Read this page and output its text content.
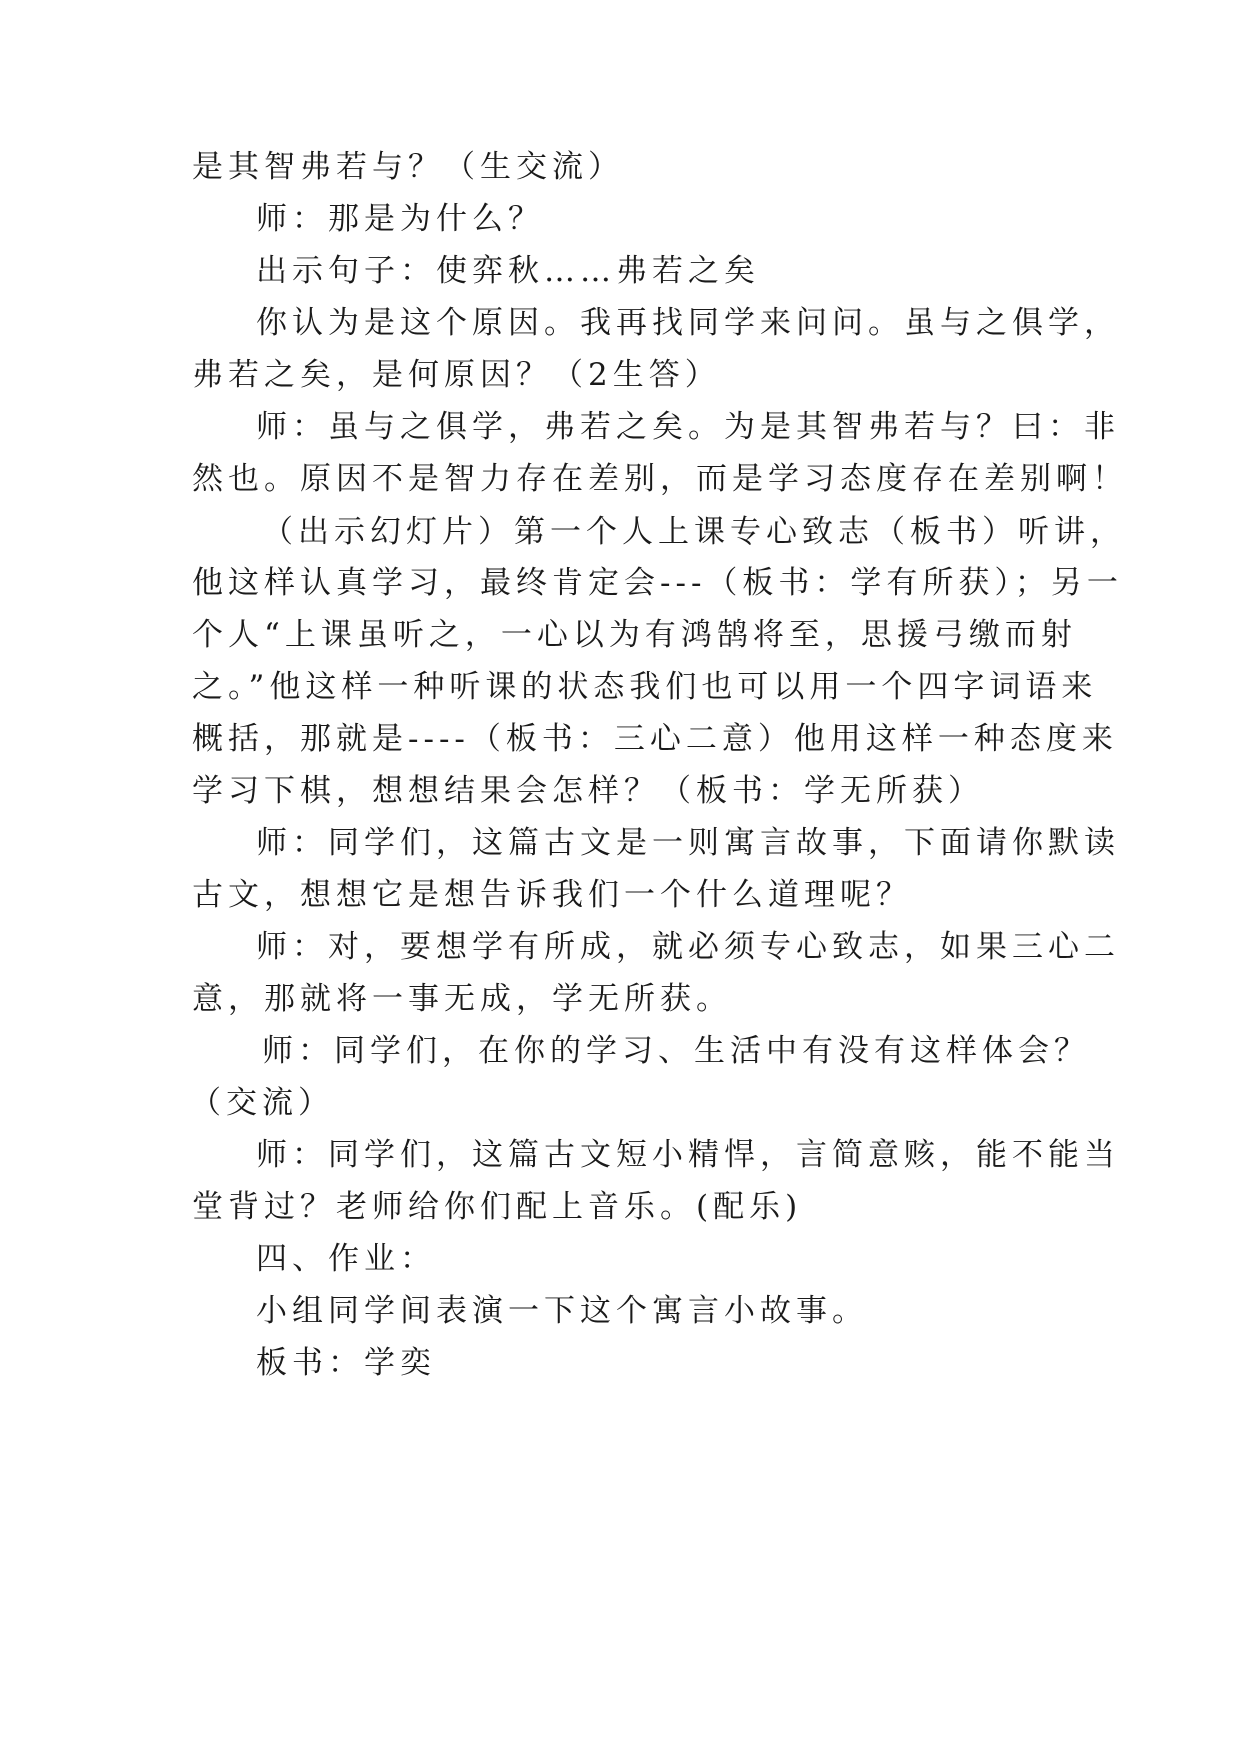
是其智弗若与？（生交流）
师：那是为什么？
出示句子：使弈秋……弗若之矣
你认为是这个原因。我再找同学来问问。虽与之俱学，
弗若之矣，是何原因？（2生答）
师：虽与之俱学，弗若之矣。为是其智弗若与？曰：非
然也。原因不是智力存在差别，而是学习态度存在差别啊！
（出示幻灯片）第一个人上课专心致志（板书）听讲，
他这样认真学习，最终肯定会---（板书：学有所获）；另一
个人“上课虽听之，一心以为有鸿鹄将至，思援弓缴而射
之。”他这样一种听课的状态我们也可以用一个四字词语来
概括，那就是----（板书：三心二意）他用这样一种态度来
学习下棋，想想结果会怎样？（板书：学无所获）
师：同学们，这篇古文是一则寓言故事，下面请你默读
古文，想想它是想告诉我们一个什么道理呢？
师：对，要想学有所成，就必须专心致志，如果三心二
意，那就将一事无成，学无所获。
师：同学们，在你的学习、生活中有没有这样体会？
（交流）
师：同学们，这篇古文短小精悍，言简意赅，能不能当
堂背过？老师给你们配上音乐。(配乐)
四、作业：
小组同学间表演一下这个寓言小故事。
板书：学奕
